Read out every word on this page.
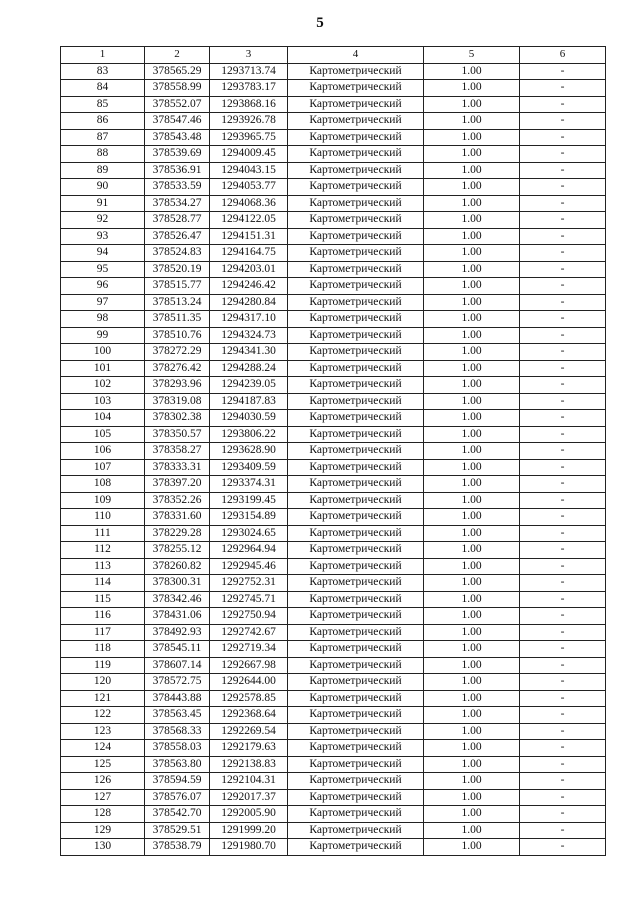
5
1	2	3	4	5	6
83	378565.29	1293713.74	Картометрический	1.00	-
84	378558.99	1293783.17	Картометрический	1.00	-
85	378552.07	1293868.16	Картометрический	1.00	-
86	378547.46	1293926.78	Картометрический	1.00	-
87	378543.48	1293965.75	Картометрический	1.00	-
88	378539.69	1294009.45	Картометрический	1.00	-
89	378536.91	1294043.15	Картометрический	1.00	-
90	378533.59	1294053.77	Картометрический	1.00	-
91	378534.27	1294068.36	Картометрический	1.00	-
92	378528.77	1294122.05	Картометрический	1.00	-
93	378526.47	1294151.31	Картометрический	1.00	-
94	378524.83	1294164.75	Картометрический	1.00	-
95	378520.19	1294203.01	Картометрический	1.00	-
96	378515.77	1294246.42	Картометрический	1.00	-
97	378513.24	1294280.84	Картометрический	1.00	-
98	378511.35	1294317.10	Картометрический	1.00	-
99	378510.76	1294324.73	Картометрический	1.00	-
100	378272.29	1294341.30	Картометрический	1.00	-
101	378276.42	1294288.24	Картометрический	1.00	-
102	378293.96	1294239.05	Картометрический	1.00	-
103	378319.08	1294187.83	Картометрический	1.00	-
104	378302.38	1294030.59	Картометрический	1.00	-
105	378350.57	1293806.22	Картометрический	1.00	-
106	378358.27	1293628.90	Картометрический	1.00	-
107	378333.31	1293409.59	Картометрический	1.00	-
108	378397.20	1293374.31	Картометрический	1.00	-
109	378352.26	1293199.45	Картометрический	1.00	-
110	378331.60	1293154.89	Картометрический	1.00	-
111	378229.28	1293024.65	Картометрический	1.00	-
112	378255.12	1292964.94	Картометрический	1.00	-
113	378260.82	1292945.46	Картометрический	1.00	-
114	378300.31	1292752.31	Картометрический	1.00	-
115	378342.46	1292745.71	Картометрический	1.00	-
116	378431.06	1292750.94	Картометрический	1.00	-
117	378492.93	1292742.67	Картометрический	1.00	-
118	378545.11	1292719.34	Картометрический	1.00	-
119	378607.14	1292667.98	Картометрический	1.00	-
120	378572.75	1292644.00	Картометрический	1.00	-
121	378443.88	1292578.85	Картометрический	1.00	-
122	378563.45	1292368.64	Картометрический	1.00	-
123	378568.33	1292269.54	Картометрический	1.00	-
124	378558.03	1292179.63	Картометрический	1.00	-
125	378563.80	1292138.83	Картометрический	1.00	-
126	378594.59	1292104.31	Картометрический	1.00	-
127	378576.07	1292017.37	Картометрический	1.00	-
128	378542.70	1292005.90	Картометрический	1.00	-
129	378529.51	1291999.20	Картометрический	1.00	-
130	378538.79	1291980.70	Картометрический	1.00	-
